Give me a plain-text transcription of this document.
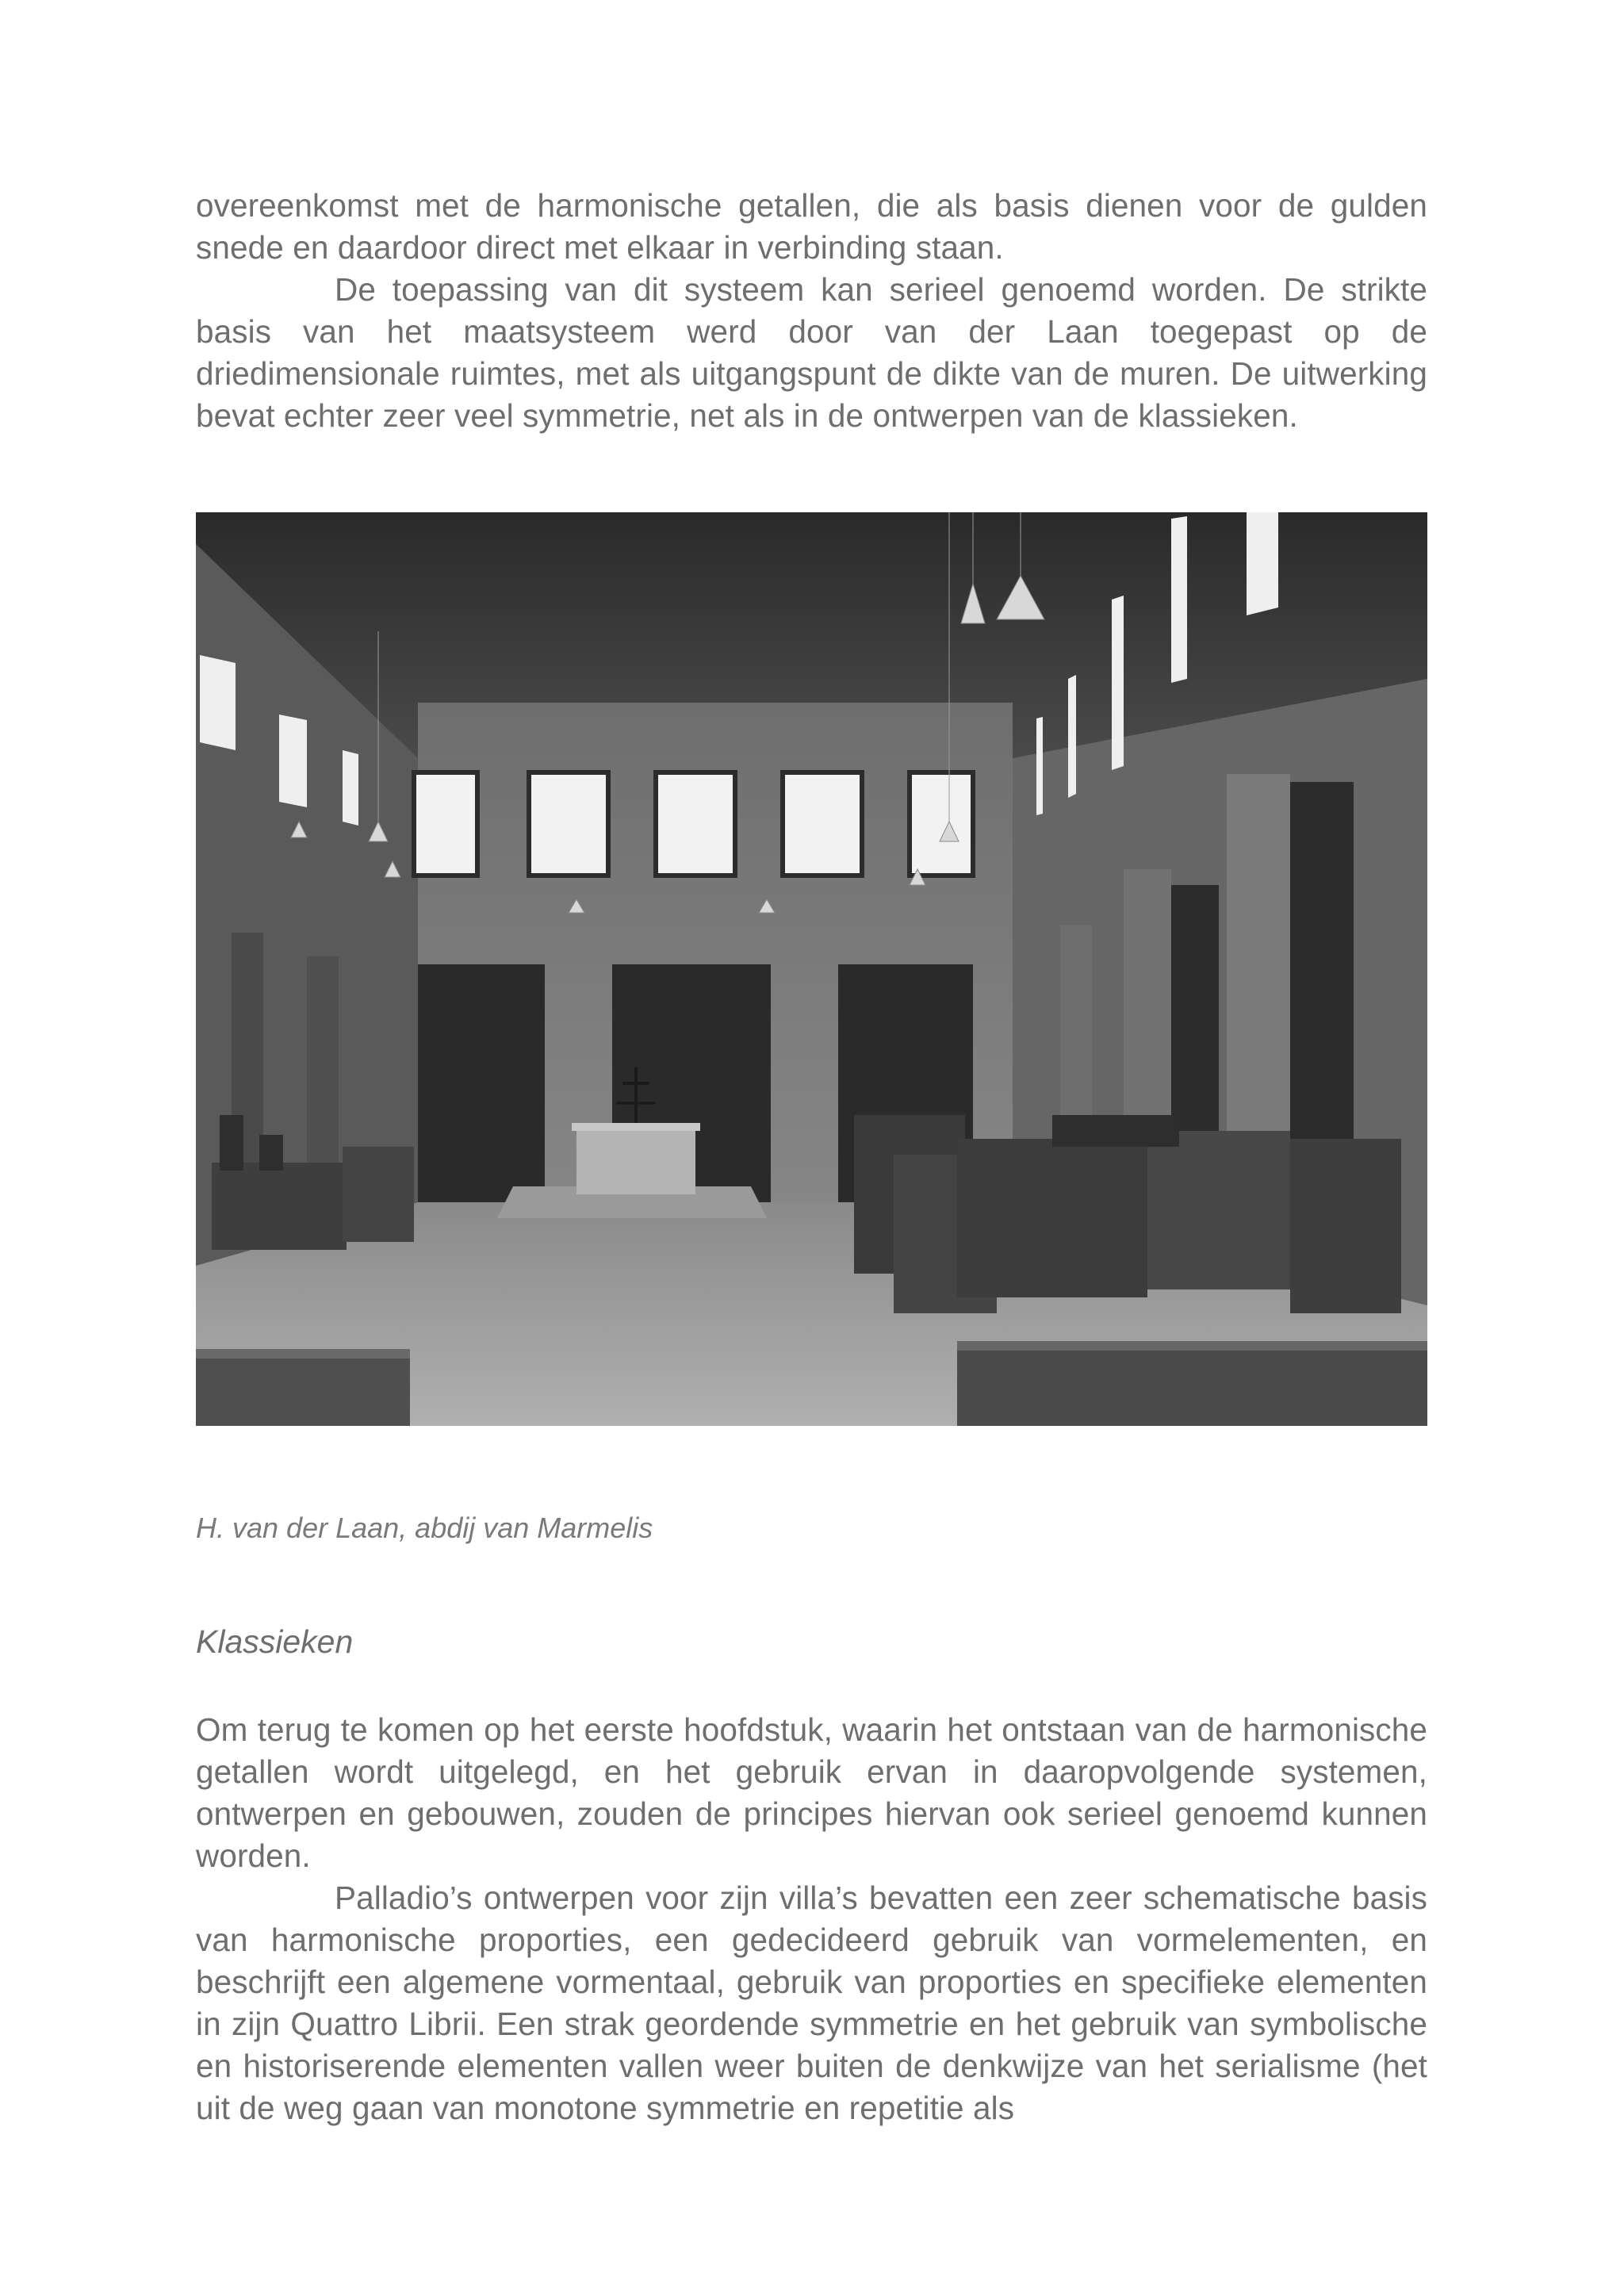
overeenkomst met de harmonische getallen, die als basis dienen voor de gulden snede en daardoor direct met elkaar in verbinding staan.

De toepassing van dit systeem kan serieel genoemd worden. De strikte basis van het maatsysteem werd door van der Laan toegepast op de driedimensionale ruimtes, met als uitgangspunt de dikte van de muren. De uitwerking bevat echter zeer veel symmetrie, net als in de ontwerpen van de klassieken.

H. van der Laan, abdij van Marmelis

Klassieken

Om terug te komen op het eerste hoofdstuk, waarin het ontstaan van de harmonische getallen wordt uitgelegd, en het gebruik ervan in daaropvolgende systemen, ontwerpen en gebouwen, zouden de principes hiervan ook serieel genoemd kunnen worden.

Palladio’s ontwerpen voor zijn villa’s bevatten een zeer schematische basis van harmonische proporties, een gedecideerd gebruik van vormelementen, en beschrijft een algemene vormentaal, gebruik van proporties en specifieke elementen in zijn Quattro Librii. Een strak geordende symmetrie en het gebruik van symbolische en historiserende elementen vallen weer buiten de denkwijze van het serialisme (het uit de weg gaan van monotone symmetrie en repetitie als
